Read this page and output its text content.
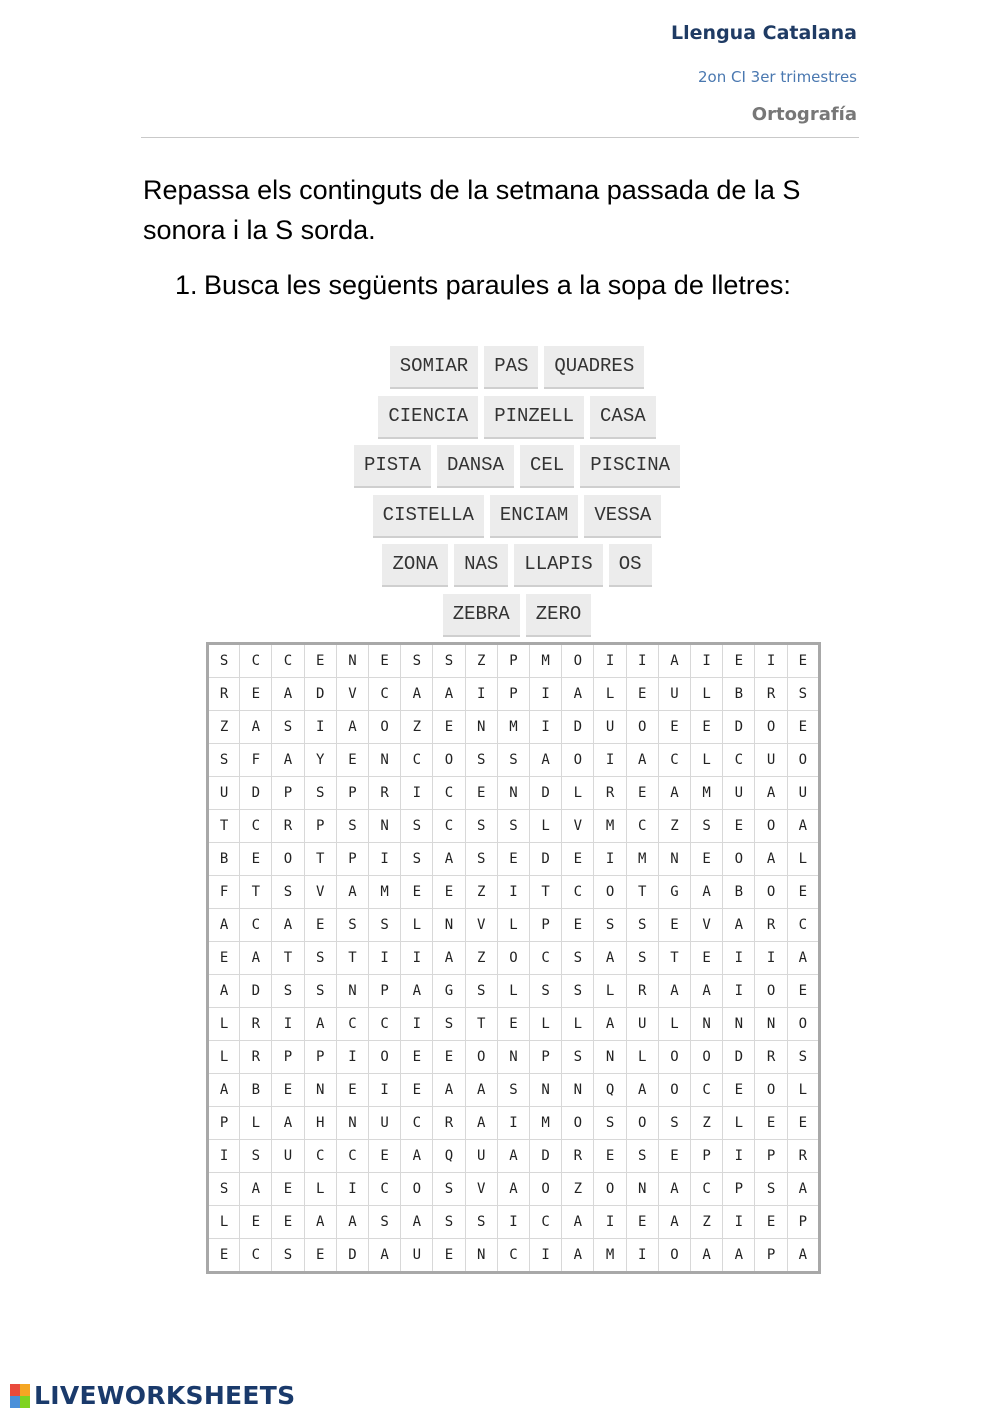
Llengua Catalana
2on CI 3er trimestres
Ortografía
Repassa els continguts de la setmana passada de la S sonora i la S sorda.
1. Busca les següents paraules a la sopa de lletres:
SOMIAR	PAS	QUADRES
CIENCIA	PINZELL	CASA
PISTA	DANSA	CEL	PISCINA
CISTELLA	ENCIAM	VESSA
ZONA	NAS	LLAPIS	OS
ZEBRA	ZERO
S	C	C	E	N	E	S	S	Z	P	M	O	I	I	A	I	E	I	E
R	E	A	D	V	C	A	A	I	P	I	A	L	E	U	L	B	R	S
Z	A	S	I	A	O	Z	E	N	M	I	D	U	O	E	E	D	O	E
S	F	A	Y	E	N	C	O	S	S	A	O	I	A	C	L	C	U	O
U	D	P	S	P	R	I	C	E	N	D	L	R	E	A	M	U	A	U
T	C	R	P	S	N	S	C	S	S	L	V	M	C	Z	S	E	O	A
B	E	O	T	P	I	S	A	S	E	D	E	I	M	N	E	O	A	L
F	T	S	V	A	M	E	E	Z	I	T	C	O	T	G	A	B	O	E
A	C	A	E	S	S	L	N	V	L	P	E	S	S	E	V	A	R	C
E	A	T	S	T	I	I	A	Z	O	C	S	A	S	T	E	I	I	A
A	D	S	S	N	P	A	G	S	L	S	S	L	R	A	A	I	O	E
L	R	I	A	C	C	I	S	T	E	L	L	A	U	L	N	N	N	O
L	R	P	P	I	O	E	E	O	N	P	S	N	L	O	O	D	R	S
A	B	E	N	E	I	E	A	A	S	N	N	Q	A	O	C	E	O	L
P	L	A	H	N	U	C	R	A	I	M	O	S	O	S	Z	L	E	E
I	S	U	C	C	E	A	Q	U	A	D	R	E	S	E	P	I	P	R
S	A	E	L	I	C	O	S	V	A	O	Z	O	N	A	C	P	S	A
L	E	E	A	A	S	A	S	S	I	C	A	I	E	A	Z	I	E	P
E	C	S	E	D	A	U	E	N	C	I	A	M	I	O	A	A	P	A
LIVEWORKSHEETS
